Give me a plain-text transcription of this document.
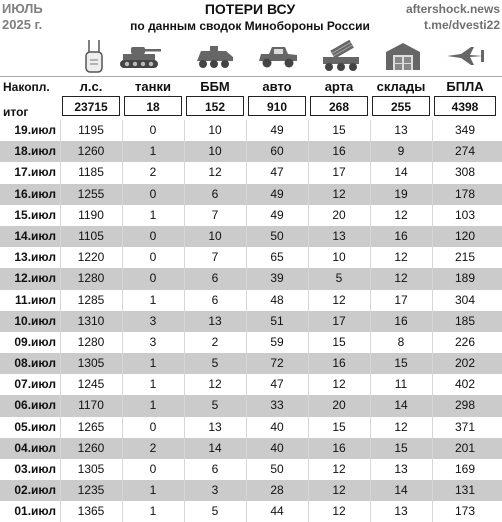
ИЮЛЬ
2025 г.
ПОТЕРИ ВСУ
по данным сводок Минобороны России
aftershock.news
t.me/dvesti22
Накопл.	л.с.	танки	ББМ	авто	арта	склады	БПЛА
итог	23715	18	152	910	268	255	4398
19.июл	1195	0	10	49	15	13	349
18.июл	1260	1	10	60	16	9	274
17.июл	1185	2	12	47	17	14	308
16.июл	1255	0	6	49	12	19	178
15.июл	1190	1	7	49	20	12	103
14.июл	1105	0	10	50	13	16	120
13.июл	1220	0	7	65	10	12	215
12.июл	1280	0	6	39	5	12	189
11.июл	1285	1	6	48	12	17	304
10.июл	1310	3	13	51	17	16	185
09.июл	1280	3	2	59	15	8	226
08.июл	1305	1	5	72	16	15	202
07.июл	1245	1	12	47	12	11	402
06.июл	1170	1	5	33	20	14	298
05.июл	1265	0	13	40	15	12	371
04.июл	1260	2	14	40	16	15	201
03.июл	1305	0	6	50	12	13	169
02.июл	1235	1	3	28	12	14	131
01.июл	1365	1	5	44	12	13	173
